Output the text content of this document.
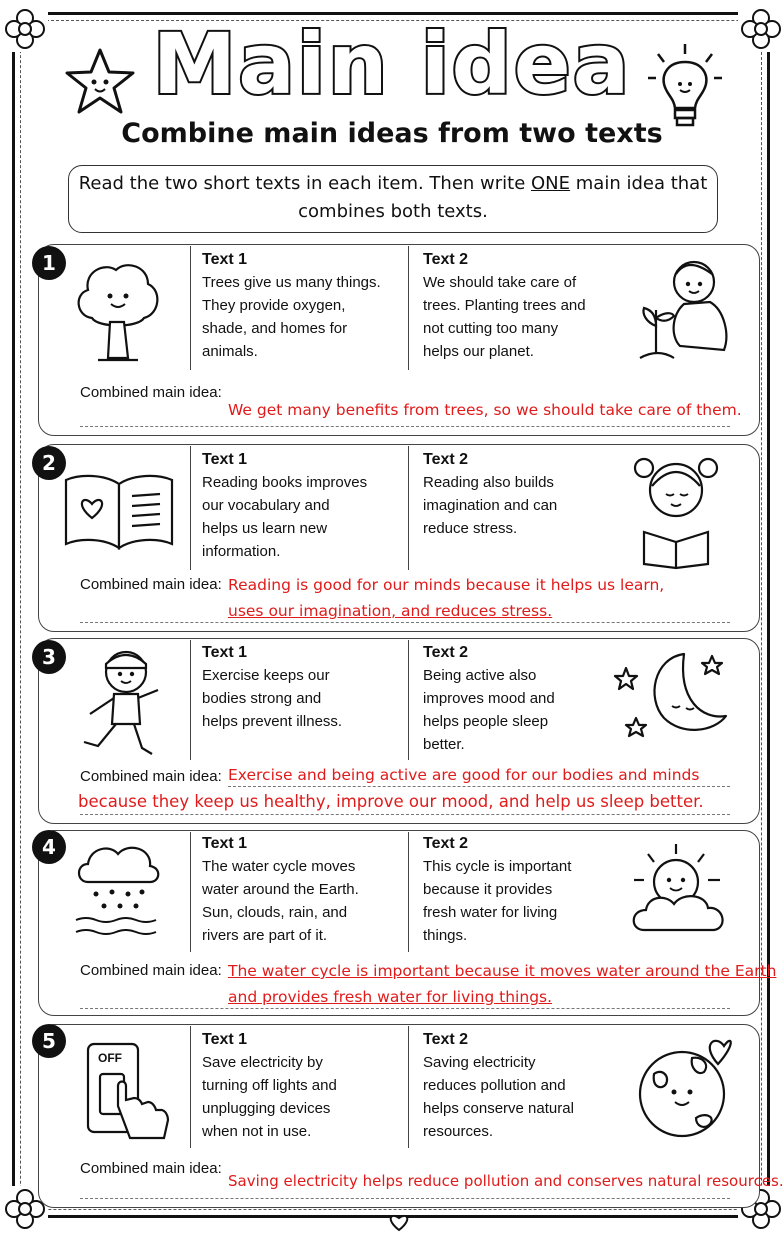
Main idea
Combine main ideas from two texts
Read the two short texts in each item. Then write ONE main idea that combines both texts.
1	Text 1
Trees give us many things.
They provide oxygen,
shade, and homes for
animals.
Text 2
We should take care of
trees. Planting trees and
not cutting too many
helps our planet.
Combined main idea:
We get many benefits from trees, so we should take care of them.
2	Text 1
Reading books improves
our vocabulary and
helps us learn new
information.
Text 2
Reading also builds
imagination and can
reduce stress.
Combined main idea: Reading is good for our minds because it helps us learn,
uses our imagination, and reduces stress.
3	Text 1
Exercise keeps our
bodies strong and
helps prevent illness.
Text 2
Being active also
improves mood and
helps people sleep
better.
Combined main idea: Exercise and being active are good for our bodies and minds
because they keep us healthy, improve our mood, and help us sleep better.
4	Text 1
The water cycle moves
water around the Earth.
Sun, clouds, rain, and
rivers are part of it.
Text 2
This cycle is important
because it provides
fresh water for living
things.
Combined main idea: The water cycle is important because it moves water around the Earth
and provides fresh water for living things.
5
OFF
Text 1
Save electricity by
turning off lights and
unplugging devices
when not in use.
Text 2
Saving electricity
reduces pollution and
helps conserve natural
resources.
Combined main idea:
Saving electricity helps reduce pollution and conserves natural resources.
